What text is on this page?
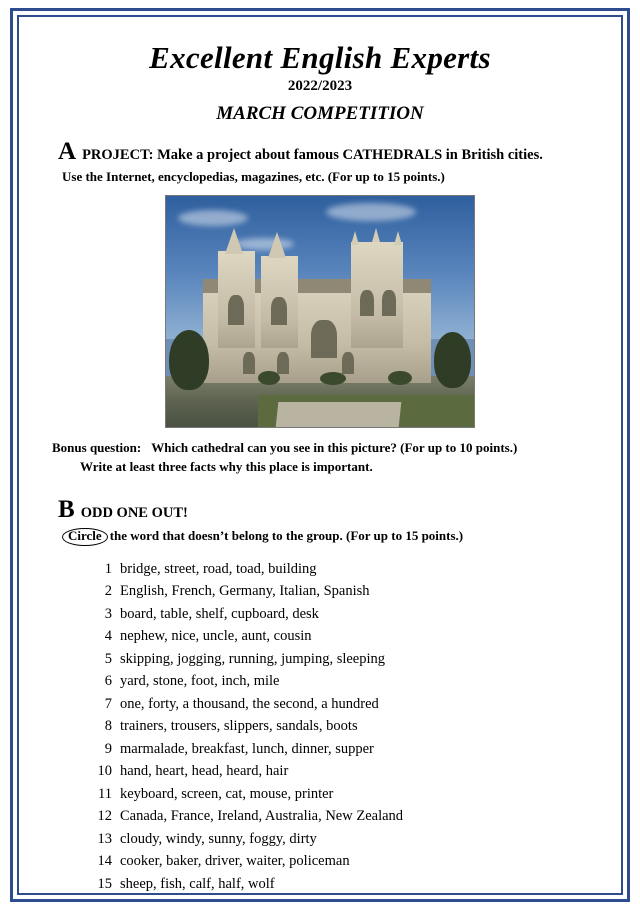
Excellent English Experts
2022/2023
MARCH COMPETITION
A PROJECT: Make a project about famous CATHEDRALS in British cities.
Use the Internet, encyclopedias, magazines, etc. (For up to 15 points.)
Bonus question: Which cathedral can you see in this picture? (For up to 10 points.)
Write at least three facts why this place is important.
B ODD ONE OUT!
Circle the word that doesn’t belong to the group. (For up to 15 points.)
1 bridge, street, road, toad, building
2 English, French, Germany, Italian, Spanish
3 board, table, shelf, cupboard, desk
4 nephew, nice, uncle, aunt, cousin
5 skipping, jogging, running, jumping, sleeping
6 yard, stone, foot, inch, mile
7 one, forty, a thousand, the second, a hundred
8 trainers, trousers, slippers, sandals, boots
9 marmalade, breakfast, lunch, dinner, supper
10 hand, heart, head, heard, hair
11 keyboard, screen, cat, mouse, printer
12 Canada, France, Ireland, Australia, New Zealand
13 cloudy, windy, sunny, foggy, dirty
14 cooker, baker, driver, waiter, policeman
15 sheep, fish, calf, half, wolf
